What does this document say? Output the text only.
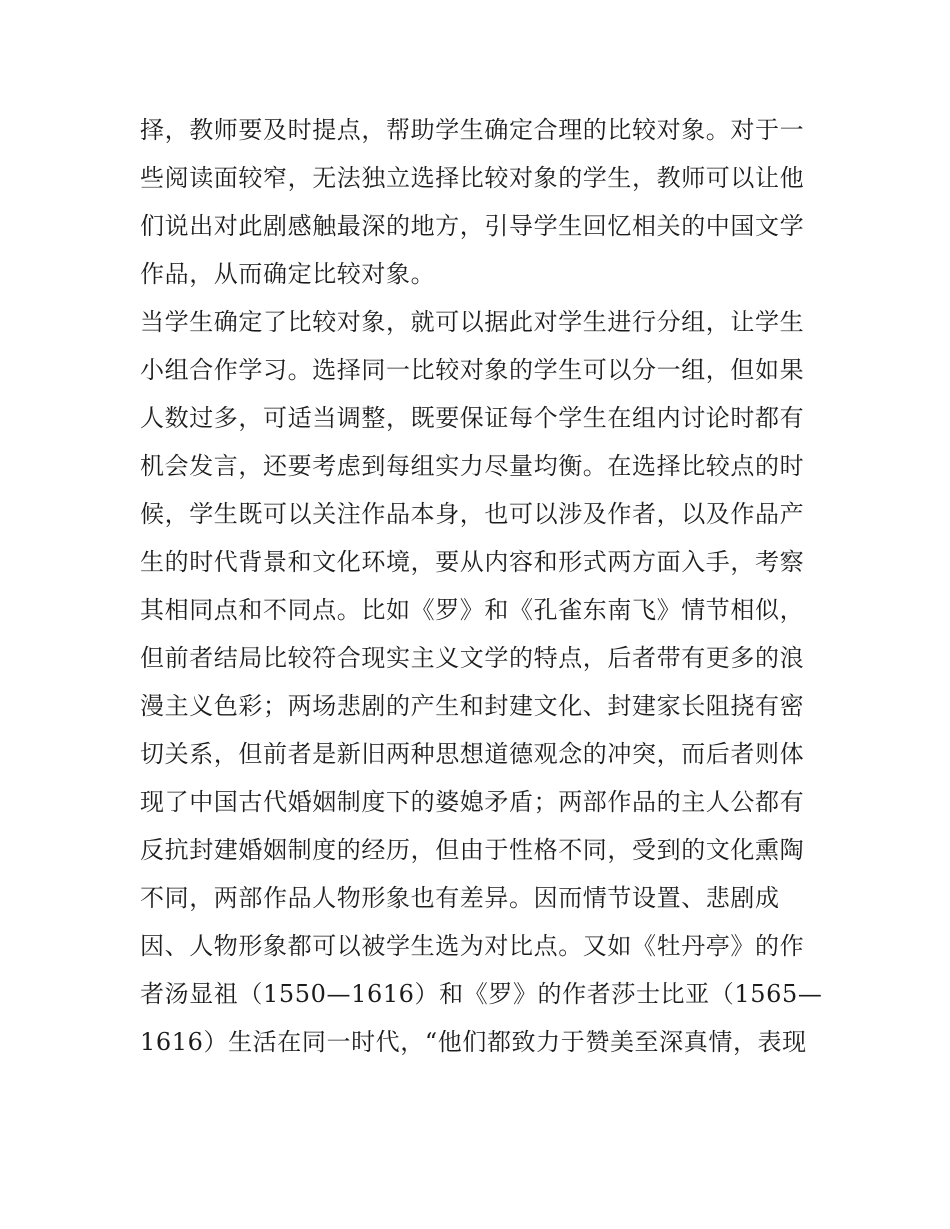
择，教师要及时提点，帮助学生确定合理的比较对象。对于一
些阅读面较窄，无法独立选择比较对象的学生，教师可以让他
们说出对此剧感触最深的地方，引导学生回忆相关的中国文学
作品，从而确定比较对象。
当学生确定了比较对象，就可以据此对学生进行分组，让学生
小组合作学习。选择同一比较对象的学生可以分一组，但如果
人数过多，可适当调整，既要保证每个学生在组内讨论时都有
机会发言，还要考虑到每组实力尽量均衡。在选择比较点的时
候，学生既可以关注作品本身，也可以涉及作者，以及作品产
生的时代背景和文化环境，要从内容和形式两方面入手，考察
其相同点和不同点。比如《罗》和《孔雀东南飞》情节相似，
但前者结局比较符合现实主义文学的特点，后者带有更多的浪
漫主义色彩；两场悲剧的产生和封建文化、封建家长阻挠有密
切关系，但前者是新旧两种思想道德观念的冲突，而后者则体
现了中国古代婚姻制度下的婆媳矛盾；两部作品的主人公都有
反抗封建婚姻制度的经历，但由于性格不同，受到的文化熏陶
不同，两部作品人物形象也有差异。因而情节设置、悲剧成
因、人物形象都可以被学生选为对比点。又如《牡丹亭》的作
者汤显祖（1550—1616）和《罗》的作者莎士比亚（1565—
1616）生活在同一时代，“他们都致力于赞美至深真情，表现
